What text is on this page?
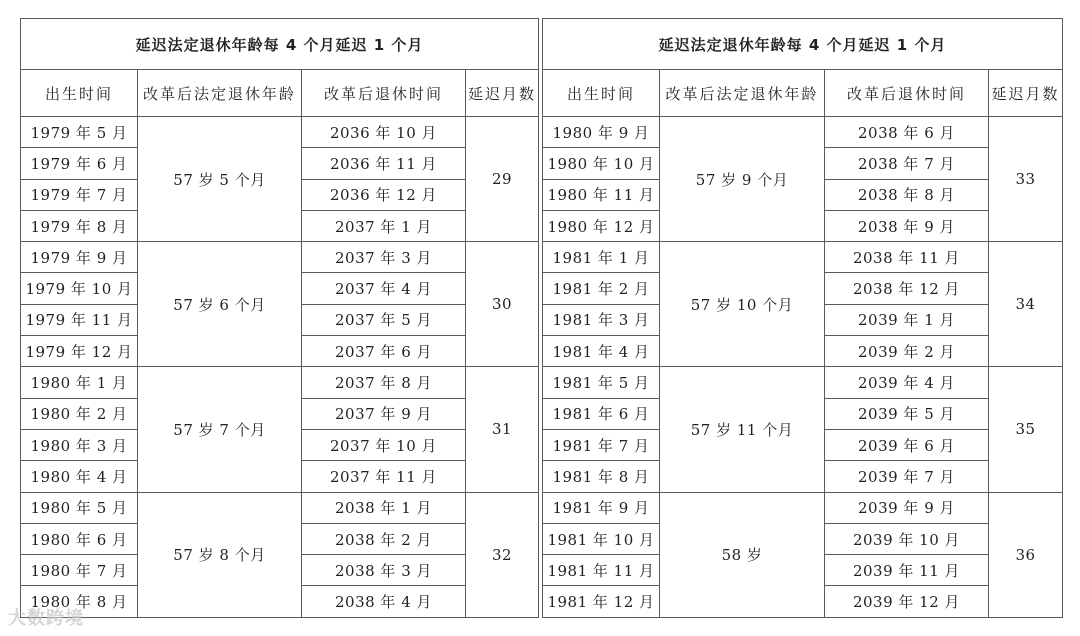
延迟法定退休年龄每 4 个月延迟 1 个月			
出生时间	改革后法定退休年龄	改革后退休时间	延迟月数
1979 年 5 月	57 岁 5 个月	2036 年 10 月	29
1979 年 6 月		2036 年 11 月	
1979 年 7 月		2036 年 12 月	
1979 年 8 月		2037 年 1 月	
1979 年 9 月	57 岁 6 个月	2037 年 3 月	30
1979 年 10 月		2037 年 4 月	
1979 年 11 月		2037 年 5 月	
1979 年 12 月		2037 年 6 月	
1980 年 1 月	57 岁 7 个月	2037 年 8 月	31
1980 年 2 月		2037 年 9 月	
1980 年 3 月		2037 年 10 月	
1980 年 4 月		2037 年 11 月	
1980 年 5 月	57 岁 8 个月	2038 年 1 月	32
1980 年 6 月		2038 年 2 月	
1980 年 7 月		2038 年 3 月	
1980 年 8 月		2038 年 4 月	
延迟法定退休年龄每 4 个月延迟 1 个月			
出生时间	改革后法定退休年龄	改革后退休时间	延迟月数
1980 年 9 月	57 岁 9 个月	2038 年 6 月	33
1980 年 10 月		2038 年 7 月	
1980 年 11 月		2038 年 8 月	
1980 年 12 月		2038 年 9 月	
1981 年 1 月	57 岁 10 个月	2038 年 11 月	34
1981 年 2 月		2038 年 12 月	
1981 年 3 月		2039 年 1 月	
1981 年 4 月		2039 年 2 月	
1981 年 5 月	57 岁 11 个月	2039 年 4 月	35
1981 年 6 月		2039 年 5 月	
1981 年 7 月		2039 年 6 月	
1981 年 8 月		2039 年 7 月	
1981 年 9 月	58 岁	2039 年 9 月	36
1981 年 10 月		2039 年 10 月	
1981 年 11 月		2039 年 11 月	
1981 年 12 月		2039 年 12 月	
大数跨境
